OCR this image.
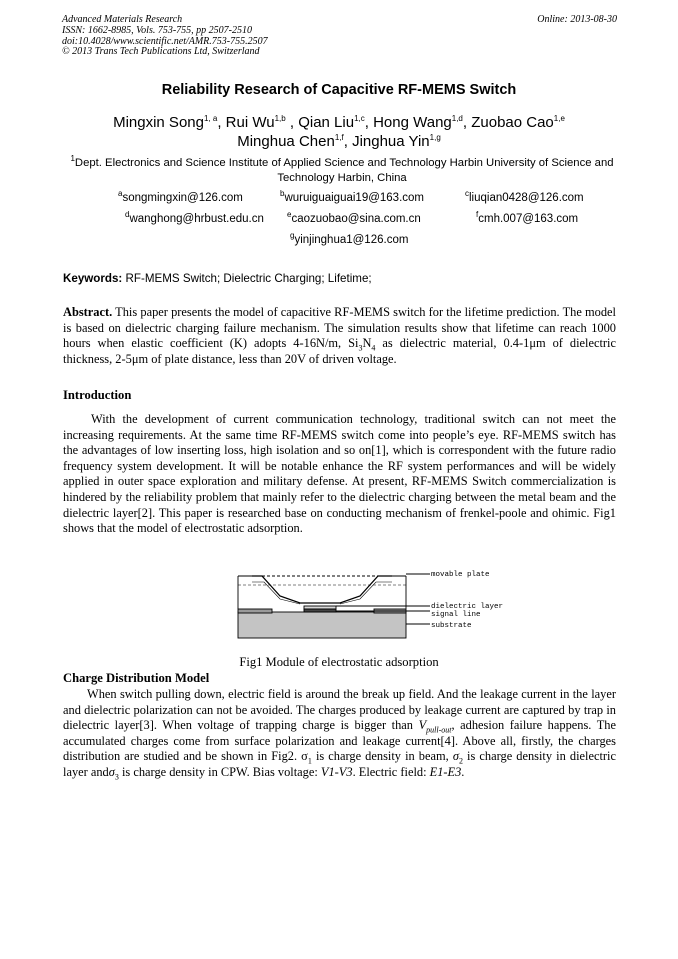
Advanced Materials Research
ISSN: 1662-8985, Vols. 753-755, pp 2507-2510
doi:10.4028/www.scientific.net/AMR.753-755.2507
© 2013 Trans Tech Publications Ltd, Switzerland
Online: 2013-08-30
Reliability Research of Capacitive RF-MEMS Switch
Mingxin Song$^{1, a}$, Rui Wu$^{1,b}$ , Qian Liu$^{1,c}$, Hong Wang$^{1,d}$, Zuobao Cao$^{1,e}$
Minghua Chen$^{1,f}$, Jinghua Yin$^{1,g}$
$^1$Dept. Electronics and Science Institute of Applied Science and Technology Harbin University of Science and Technology Harbin, China
$^a$songmingxin@126.com	$^b$wuruiguaiguai19@163.com	$^c$liuqian0428@126.com
$^d$wanghong@hrbust.edu.cn	$^e$caozuobao@sina.com.cn	$^f$cmh.007@163.com
$^g$yinjinghua1@126.com
Keywords: RF-MEMS Switch; Dielectric Charging; Lifetime;
Abstract. This paper presents the model of capacitive RF-MEMS switch for the lifetime prediction. The model is based on dielectric charging failure mechanism. The simulation results show that lifetime can reach 1000 hours when elastic coefficient (K) adopts 4-16N/m, $Si_3N_4$ as dielectric material, 0.4-1μm of dielectric thickness, 2-5μm of plate distance, less than 20V of driven voltage.
Introduction
With the development of current communication technology, traditional switch can not meet the increasing requirements. At the same time RF-MEMS switch come into people’s eye. RF-MEMS switch has the advantages of low inserting loss, high isolation and so on[1], which is correspondent with the future radio frequency system development. It will be notable enhance the RF system performances and will be widely applied in outer space exploration and military defense. At present, RF-MEMS Switch commercialization is hindered by the reliability problem that mainly refer to the dielectric charging between the metal beam and the dielectric layer[2]. This paper is researched base on conducting mechanism of frenkel-poole and ohimic. Fig1 shows that the model of electrostatic adsorption.
movable plate
dielectric layer
signal line
substrate
Fig1 Module of electrostatic adsorption
Charge Distribution Model
When switch pulling down, electric field is around the break up field. And the leakage current in the layer and dielectric polarization can not be avoided. The charges produced by leakage current are captured by trap in dielectric layer[3]. When voltage of trapping charge is bigger than $V_{pull-out}$, adhesion failure happens. The accumulated charges come from surface polarization and leakage current[4]. Above all, firstly, the charges distribution are studied and be shown in Fig2. $\sigma_1$ is charge density in beam, $\sigma_2$ is charge density in dielectric layer andσ$_3$ is charge density in CPW. Bias voltage: V1-V3. Electric field: E1-E3.
